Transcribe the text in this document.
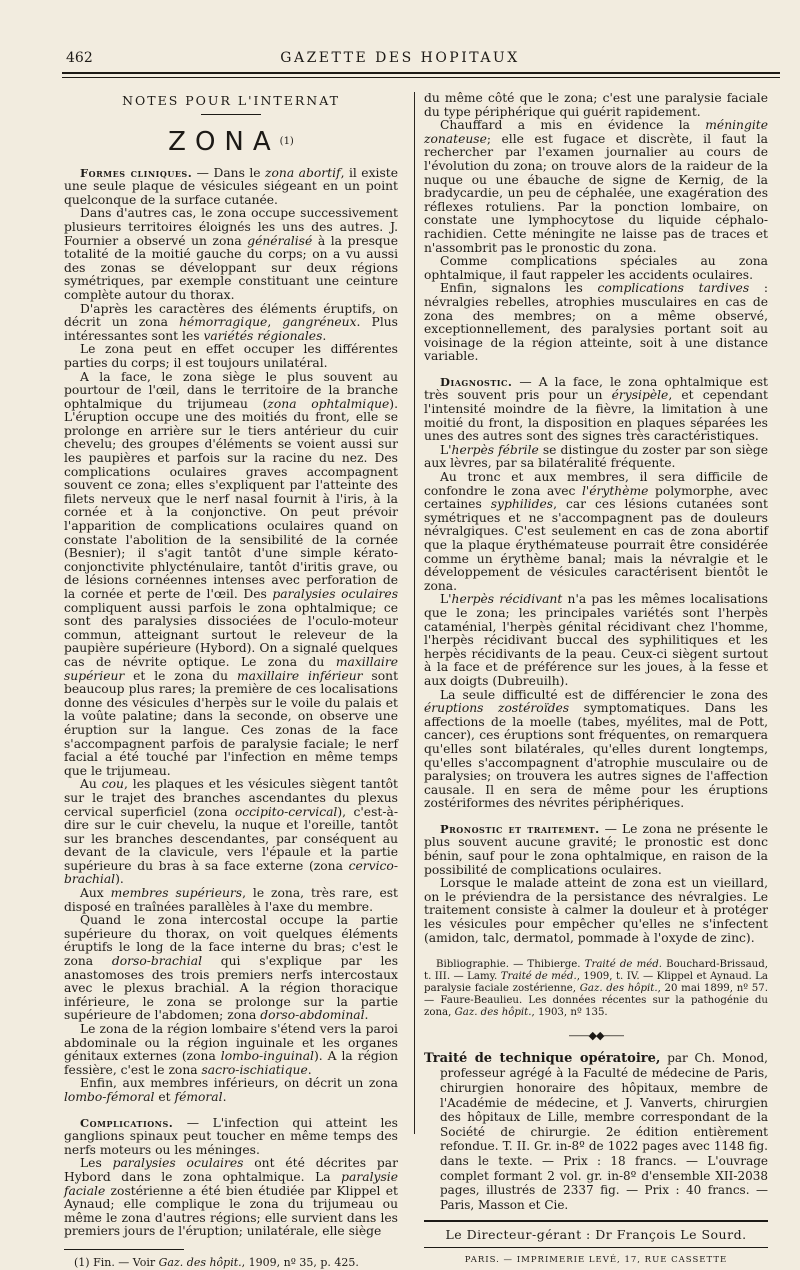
462	GAZETTE DES HOPITAUX
NOTES POUR L'INTERNAT
ZONA$^{(1)}$

Formes cliniques. — Dans le zona abortif, il existe une seule plaque de vésicules siégeant en un point quelconque de la surface cutanée.

Dans d'autres cas, le zona occupe successivement plusieurs territoires éloignés les uns des autres. J. Fournier a observé un zona généralisé à la presque totalité de la moitié gauche du corps; on a vu aussi des zonas se développant sur deux régions symétriques, par exemple constituant une ceinture complète autour du thorax.

D'après les caractères des éléments éruptifs, on décrit un zona hémorragique, gangréneux. Plus intéressantes sont les variétés régionales.

Le zona peut en effet occuper les différentes parties du corps; il est toujours unilatéral.

A la face, le zona siège le plus souvent au pourtour de l'œil, dans le territoire de la branche ophtalmique du trijumeau (zona ophtalmique). L'éruption occupe une des moitiés du front, elle se prolonge en arrière sur le tiers antérieur du cuir chevelu; des groupes d'éléments se voient aussi sur les paupières et parfois sur la racine du nez. Des complications oculaires graves accompagnent souvent ce zona; elles s'expliquent par l'atteinte des filets nerveux que le nerf nasal fournit à l'iris, à la cornée et à la conjonctive. On peut prévoir l'apparition de complications oculaires quand on constate l'abolition de la sensibilité de la cornée (Besnier); il s'agit tantôt d'une simple kérato-conjonctivite phlycténulaire, tantôt d'iritis grave, ou de lésions cornéennes intenses avec perforation de la cornée et perte de l'œil. Des paralysies oculaires compliquent aussi parfois le zona ophtalmique; ce sont des paralysies dissociées de l'oculo-moteur commun, atteignant surtout le releveur de la paupière supérieure (Hybord). On a signalé quelques cas de névrite optique. Le zona du maxillaire supérieur et le zona du maxillaire inférieur sont beaucoup plus rares; la première de ces localisations donne des vésicules d'herpès sur le voile du palais et la voûte palatine; dans la seconde, on observe une éruption sur la langue. Ces zonas de la face s'accompagnent parfois de paralysie faciale; le nerf facial a été touché par l'infection en même temps que le trijumeau.

Au cou, les plaques et les vésicules siègent tantôt sur le trajet des branches ascendantes du plexus cervical superficiel (zona occipito-cervical), c'est-à-dire sur le cuir chevelu, la nuque et l'oreille, tantôt sur les branches descendantes, par conséquent au devant de la clavicule, vers l'épaule et la partie supérieure du bras à sa face externe (zona cervico-brachial).

Aux membres supérieurs, le zona, très rare, est disposé en traînées parallèles à l'axe du membre.

Quand le zona intercostal occupe la partie supérieure du thorax, on voit quelques éléments éruptifs le long de la face interne du bras; c'est le zona dorso-brachial qui s'explique par les anastomoses des trois premiers nerfs intercostaux avec le plexus brachial. A la région thoracique inférieure, le zona se prolonge sur la partie supérieure de l'abdomen; zona dorso-abdominal.

Le zona de la région lombaire s'étend vers la paroi abdominale ou la région inguinale et les organes génitaux externes (zona lombo-inguinal). A la région fessière, c'est le zona sacro-ischiatique.

Enfin, aux membres inférieurs, on décrit un zona lombo-fémoral et fémoral.

Complications. — L'infection qui atteint les ganglions spinaux peut toucher en même temps des nerfs moteurs ou les méninges.

Les paralysies oculaires ont été décrites par Hybord dans le zona ophtalmique. La paralysie faciale zostérienne a été bien étudiée par Klippel et Aynaud; elle complique le zona du trijumeau ou même le zona d'autres régions; elle survient dans les premiers jours de l'éruption; unilatérale, elle siège

(1) Fin. — Voir Gaz. des hôpit., 1909, nº 35, p. 425.

du même côté que le zona; c'est une paralysie faciale du type périphérique qui guérit rapidement.

Chauffard a mis en évidence la méningite zonateuse; elle est fugace et discrète, il faut la rechercher par l'examen journalier au cours de l'évolution du zona; on trouve alors de la raideur de la nuque ou une ébauche de signe de Kernig, de la bradycardie, un peu de céphalée, une exagération des réflexes rotuliens. Par la ponction lombaire, on constate une lymphocytose du liquide céphalo-rachidien. Cette méningite ne laisse pas de traces et n'assombrit pas le pronostic du zona.

Comme complications spéciales au zona ophtalmique, il faut rappeler les accidents oculaires.

Enfin, signalons les complications tardives : névralgies rebelles, atrophies musculaires en cas de zona des membres; on a même observé, exceptionnellement, des paralysies portant soit au voisinage de la région atteinte, soit à une distance variable.

Diagnostic. — A la face, le zona ophtalmique est très souvent pris pour un érysipèle, et cependant l'intensité moindre de la fièvre, la limitation à une moitié du front, la disposition en plaques séparées les unes des autres sont des signes très caractéristiques.

L'herpès fébrile se distingue du zoster par son siège aux lèvres, par sa bilatéralité fréquente.

Au tronc et aux membres, il sera difficile de confondre le zona avec l'érythème polymorphe, avec certaines syphilides, car ces lésions cutanées sont symétriques et ne s'accompagnent pas de douleurs névralgiques. C'est seulement en cas de zona abortif que la plaque érythémateuse pourrait être considérée comme un érythème banal; mais la névralgie et le développement de vésicules caractérisent bientôt le zona.

L'herpès récidivant n'a pas les mêmes localisations que le zona; les principales variétés sont l'herpès cataménial, l'herpès génital récidivant chez l'homme, l'herpès récidivant buccal des syphilitiques et les herpès récidivants de la peau. Ceux-ci siègent surtout à la face et de préférence sur les joues, à la fesse et aux doigts (Dubreuilh).

La seule difficulté est de différencier le zona des éruptions zostéroïdes symptomatiques. Dans les affections de la moelle (tabes, myélites, mal de Pott, cancer), ces éruptions sont fréquentes, on remarquera qu'elles sont bilatérales, qu'elles durent longtemps, qu'elles s'accompagnent d'atrophie musculaire ou de paralysies; on trouvera les autres signes de l'affection causale. Il en sera de même pour les éruptions zostériformes des névrites périphériques.

Pronostic et traitement. — Le zona ne présente le plus souvent aucune gravité; le pronostic est donc bénin, sauf pour le zona ophtalmique, en raison de la possibilité de complications oculaires.

Lorsque le malade atteint de zona est un vieillard, on le préviendra de la persistance des névralgies. Le traitement consiste à calmer la douleur et à protéger les vésicules pour empêcher qu'elles ne s'infectent (amidon, talc, dermatol, pommade à l'oxyde de zinc).

Bibliographie. — Thibierge. Traité de méd. Bouchard-Brissaud, t. III. — Lamy. Traité de méd., 1909, t. IV. — Klippel et Aynaud. La paralysie faciale zostérienne, Gaz. des hôpit., 20 mai 1899, nº 57. — Faure-Beaulieu. Les données récentes sur la pathogénie du zona, Gaz. des hôpit., 1903, nº 135.

——◆◆——

Traité de technique opératoire, par Ch. Monod, professeur agrégé à la Faculté de médecine de Paris, chirurgien honoraire des hôpitaux, membre de l'Académie de médecine, et J. Vanverts, chirurgien des hôpitaux de Lille, membre correspondant de la Société de chirurgie. 2e édition entièrement refondue. T. II. Gr. in-8º de 1022 pages avec 1148 fig. dans le texte. — Prix : 18 francs. — L'ouvrage complet formant 2 vol. gr. in-8º d'ensemble XII-2038 pages, illustrés de 2337 fig. — Prix : 40 francs. — Paris, Masson et Cie.

Le Directeur-gérant : Dr François Le Sourd.
PARIS. — IMPRIMERIE LEVÉ, 17, RUE CASSETTE
